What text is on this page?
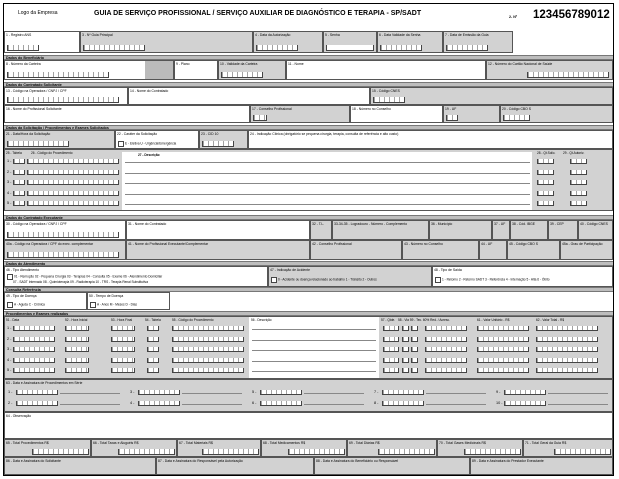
Logo da Empresa	GUIA DE SERVIÇO PROFISSIONAL / SERVIÇO AUXILIAR DE DIAGNÓSTICO E TERAPIA - SP/SADT	2- Nº 123456789012
1 - Registro ANS	3 - Nº Guia Principal	4 - Data da Autorização	5 - Senha	6 - Data Validade da Senha	7 - Data de Emissão da Guia
Dados do Beneficiário
8 - Número da Carteira	9 - Plano	10 - Validade da Carteira	11 - Nome	12 - Número do Cartão Nacional de Saúde
Dados do Contratado Solicitante
13 - Código na Operadora / CNPJ / CPF	14 - Nome do Contratado	15 - Código CNES
16 - Nome do Profissional Solicitante	17 - Conselho Profissional	18 - Número no Conselho	19 - UF	20 - Código CBO S
Dados da Solicitação / Procedimentos e Exames Solicitados
21 - Data/Hora da Solicitação	22 - Caráter da Solicitação
E - Eletiva U - Urgência/Emergência
23 - CID 10	24 - Indicação Clínica (obrigatório se pequena cirurgia, terapia, consulta de referência e alto custo)
25 - Tabela	26 - Código do Procedimento	27 - Descrição	28 - Qt.Solic. 29 - Qt.Autoriz.
1 -
2 -
3 -
4 -
5 -
Dados do Contratado Executante
30 - Código na Operadora / CNPJ / CPF	31 - Nome do Contratado	32 - T.L.	33-34-35 - Logradouro - Número - Complemento	36 - Município	37 - UF	38 - Cód. IBGE	39 - CEP	40 - Código CNES
40a - Código na Operadora / CPF do exec. complementar	41 - Nome do Profissional Executante/Complementar	42 - Conselho Profissional	43 - Número no Conselho	44 - UF	45 - Código CBO S	45a - Grau de Participação
Dados do Atendimento
46 - Tipo Atendimento
01 - Remoção 02 - Pequena Cirurgia 03 - Terapias 04 - Consulta 05 - Exame 06 - Atendimento Domiciliar
07 - SADT Internado 08 - Quimioterapia 09 - Radioterapia 10 - TRS - Terapia Renal Substitutiva
47 - Indicação de Acidente
0 - Acidente ou doença relacionado ao trabalho 1 - Trânsito 2 - Outros
48 - Tipo de Saída
1 - Retorno 2 - Retorno SADT 3 - Referência 4 - Internação 5 - Alta 6 - Óbito
Consulta Referência
49 - Tipo de Doença
A - Aguda C - Crônica
50 - Tempo de Doença
A - Anos M - Meses D - Dias
Procedimentos e Exames realizados
51 - Data	52 - Hora Inicial	53 - Hora Final	54 - Tabela	55 - Código do Procedimento	56 - Descrição	57 - Qtde. 58 - Via 59 - Tec. 60% Red. / Acresc.	61 - Valor Unitário - R$	62 - Valor Total - R$
1 -
2 -
3 -
4 -
5 -
63 - Data e Assinatura de Procedimentos em Série
1 -	3 -	5 -	7 -	9 -
2 -	4 -	6 -	8 -	10 -
64 - Observação
65 - Total Procedimentos R$	66 - Total Taxas e Aluguéis R$	67 - Total Materiais R$	68 - Total Medicamentos R$	69 - Total Diárias R$	70 - Total Gases Medicinais R$	71 - Total Geral da Guia R$
86 - Data e Assinatura do Solicitante	87 - Data e Assinatura do Responsável pela Autorização	88 - Data e Assinatura do Beneficiário ou Responsável	89 - Data e Assinatura do Prestador Executante
